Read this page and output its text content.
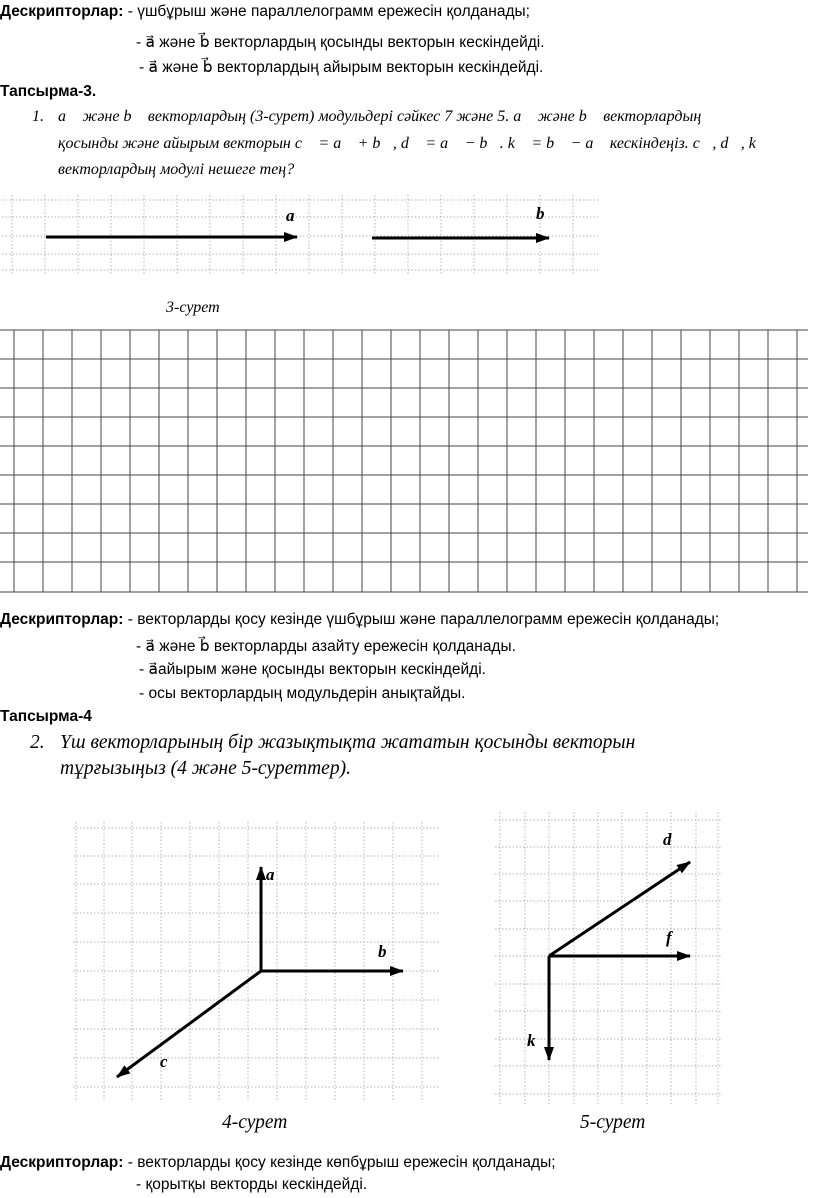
Дескрипторлар: - үшбұрыш және параллелограмм ережесін қолданады;
- a⃗ және b⃗ векторлардың қосынды векторын кескіндейді.
- a⃗ және b⃗ векторлардың айырым векторын кескіндейді.
Тапсырма-3.
1. a⃗ және b⃗ векторлардың (3-сурет) модульдері сәйкес 7 және 5. a⃗ және b⃗ векторлардың
қосынды және айырым векторын c⃗ = a⃗ + b⃗, d⃗ = a⃗ − b⃗. k⃗ = b⃗ − a⃗ кескіндеңіз. c⃗, d⃗, k⃗
векторлардың модулі нешеге тең?
a⃗	b⃗
3-сурет
Дескрипторлар: - векторларды қосу кезінде үшбұрыш және параллелограмм ережесін қолданады;
- a⃗ және b⃗ векторларды азайту ережесін қолданады.
- a⃗айырым және қосынды векторын кескіндейді.
- осы векторлардың модульдерін анықтайды.
Тапсырма-4
2. Үш векторларының бір жазықтықта жататын қосынды векторын
тұрғызыңыз (4 және 5-суреттер).
a⃗
b⃗
c⃗
4-сурет
d⃗
f⃗
k⃗
5-сурет
Дескрипторлар: - векторларды қосу кезінде көпбұрыш ережесін қолданады;
- қорытқы векторды кескіндейді.
